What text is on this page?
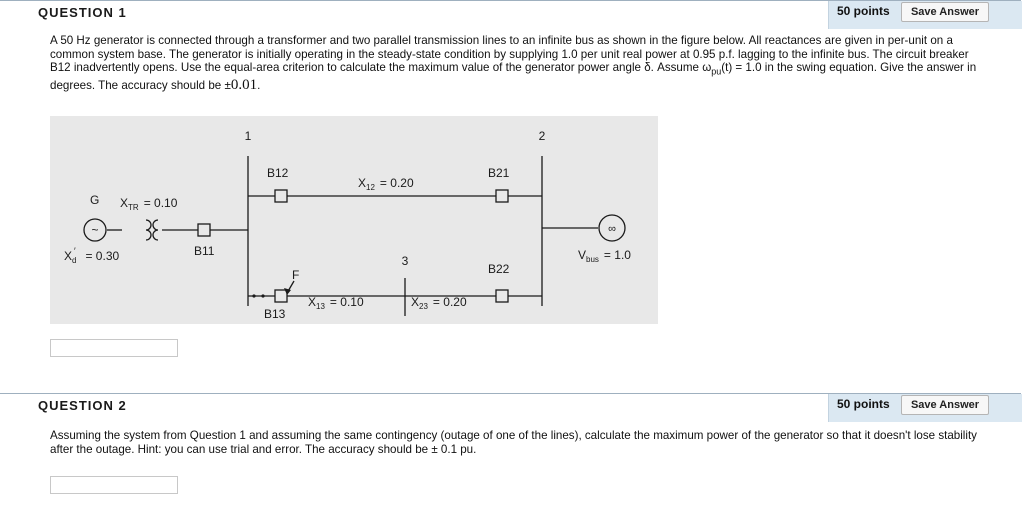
QUESTION 1	50 points	Save Answer
A 50 Hz generator is connected through a transformer and two parallel transmission lines to an infinite bus as shown in the figure below. All reactances are given in per-unit on a common system base. The generator is initially operating in the steady-state condition by supplying 1.0 per unit real power at 0.95 p.f. lagging to the infinite bus. The circuit breaker B12 inadvertently opens. Use the equal-area criterion to calculate the maximum value of the generator power angle δ. Assume $\omega_{pu}(t) = 1.0$ in the swing equation. Give the answer in degrees. The accuracy should be ±0.01.
~	∞
1	2
3
B12	B21
B11
B22
B13
F
G $X_{TR} = 0.10$
$X_d = 0.30$
′
$X_{12} = 0.20$
$X_{13} = 0.10$	$X_{23} = 0.20$
$V_{bus} = 1.0$
QUESTION 2	50 points	Save Answer
Assuming the system from Question 1 and assuming the same contingency (outage of one of the lines), calculate the maximum power of the generator so that it doesn't lose stability after the outage. Hint: you can use trial and error. The accuracy should be ± 0.1 pu.
